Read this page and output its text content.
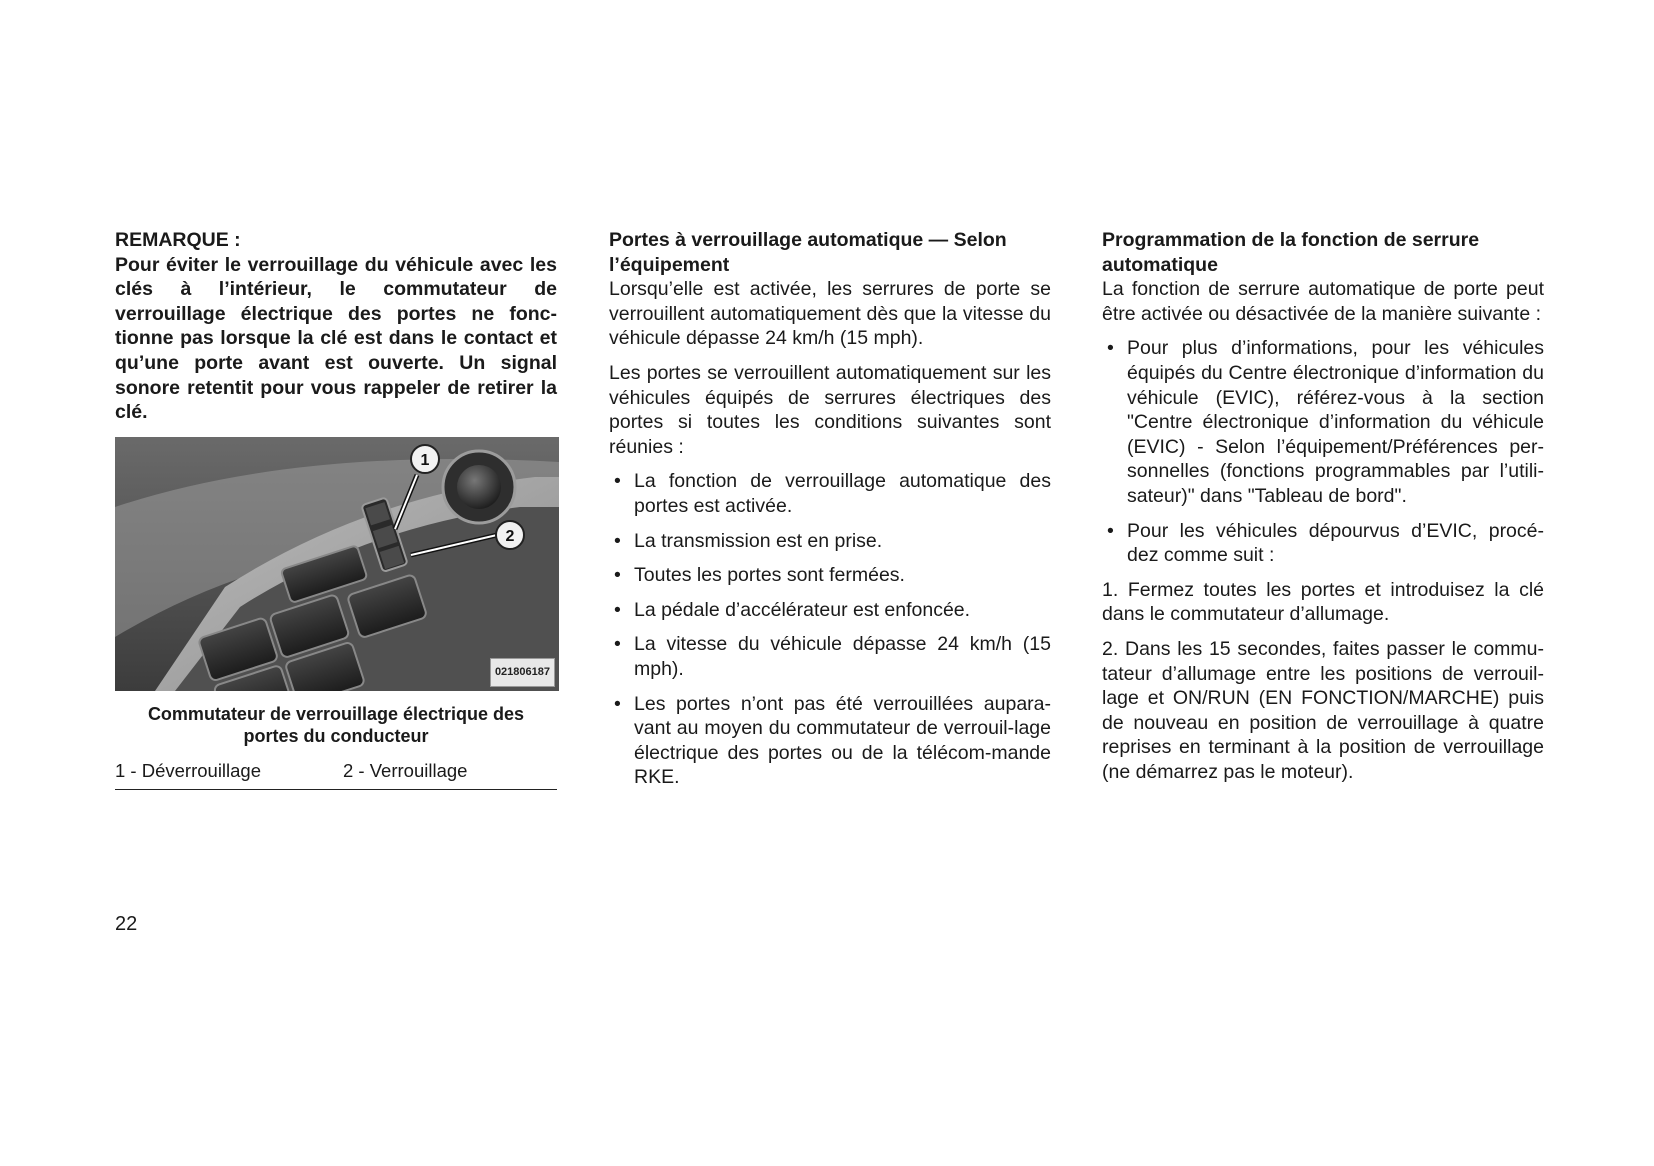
REMARQUE :

Pour éviter le verrouillage du véhicule avec les clés à l’intérieur, le commutateur de verrouillage électrique des portes ne fonc-tionne pas lorsque la clé est dans le contact et qu’une porte avant est ouverte. Un signal sonore retentit pour vous rappeler de retirer la clé.

1
2
021806187
Commutateur de verrouillage électrique des portes du conducteur
1 - Déverrouillage	2 - Verrouillage

Portes à verrouillage automatique — Selon l’équipement

Lorsqu’elle est activée, les serrures de porte se verrouillent automatiquement dès que la vitesse du véhicule dépasse 24 km/h (15 mph).

Les portes se verrouillent automatiquement sur les véhicules équipés de serrures électriques des portes si toutes les conditions suivantes sont réunies :

• La fonction de verrouillage automatique des portes est activée.
• La transmission est en prise.
• Toutes les portes sont fermées.
• La pédale d’accélérateur est enfoncée.
• La vitesse du véhicule dépasse 24 km/h (15 mph).
• Les portes n’ont pas été verrouillées aupara-vant au moyen du commutateur de verrouil-lage électrique des portes ou de la télécom-mande RKE.

Programmation de la fonction de serrure automatique

La fonction de serrure automatique de porte peut être activée ou désactivée de la manière suivante :

• Pour plus d’informations, pour les véhicules équipés du Centre électronique d’information du véhicule (EVIC), référez-vous à la section "Centre électronique d’information du véhicule (EVIC) - Selon l’équipement/Préférences per-sonnelles (fonctions programmables par l’utili-sateur)" dans "Tableau de bord".
• Pour les véhicules dépourvus d’EVIC, procé-dez comme suit :
1. Fermez toutes les portes et introduisez la clé dans le commutateur d’allumage.
2. Dans les 15 secondes, faites passer le commu-tateur d’allumage entre les positions de verrouil-lage et ON/RUN (EN FONCTION/MARCHE) puis de nouveau en position de verrouillage à quatre reprises en terminant à la position de verrouillage (ne démarrez pas le moteur).
22
